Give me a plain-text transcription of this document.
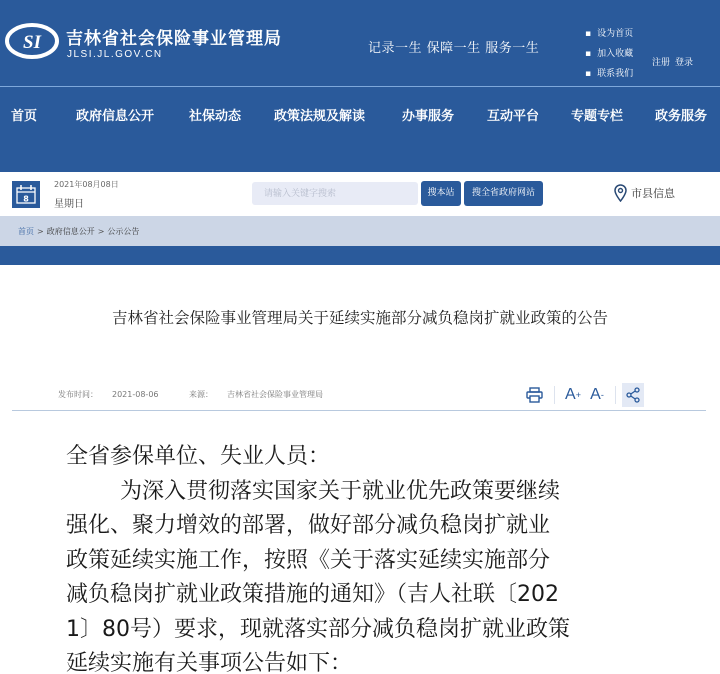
SI 吉林省社会保险事业管理局
JLSI.JL.GOV.CN	记录一生 保障一生 服务一生
▪ 设为首页
▪ 加入收藏
▪ 联系我们
注册 登录
首页	政府信息公开	社保动态	政策法规及解读	办事服务	互动平台 专题专栏 政务服务
8
2021年08月08日
星期日
请输入关键字搜索
搜本站	搜全省政府网站	市县信息
首页 > 政府信息公开 > 公示公告
吉林省社会保险事业管理局关于延续实施部分减负稳岗扩就业政策的公告
发布时间： 2021-08-06	来源： 吉林省社会保险事业管理局	A + A -

全省参保单位、失业人员：

为深入贯彻落实国家关于就业优先政策要继续

强化、聚力增效的部署，做好部分减负稳岗扩就业

政策延续实施工作，按照《关于落实延续实施部分

减负稳岗扩就业政策措施的通知》（吉人社联〔202

1〕80号）要求，现就落实部分减负稳岗扩就业政策

延续实施有关事项公告如下：
